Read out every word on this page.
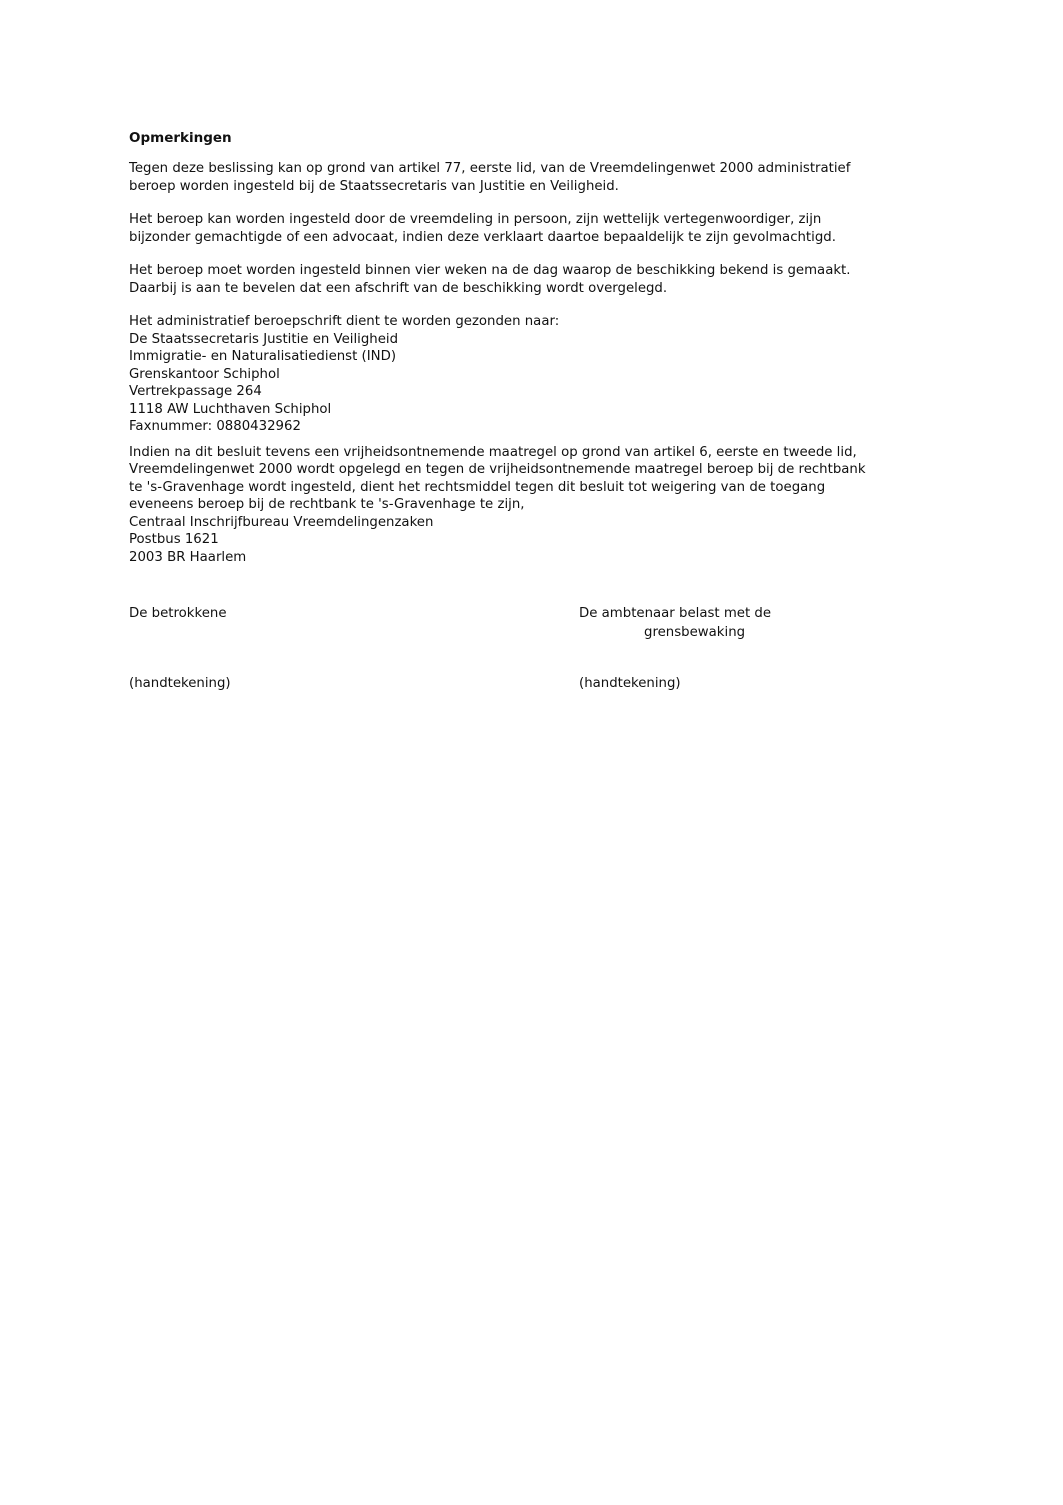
Opmerkingen
Tegen deze beslissing kan op grond van artikel 77, eerste lid, van de Vreemdelingenwet 2000 administratief
beroep worden ingesteld bij de Staatssecretaris van Justitie en Veiligheid.
Het beroep kan worden ingesteld door de vreemdeling in persoon, zijn wettelijk vertegenwoordiger, zijn
bijzonder gemachtigde of een advocaat, indien deze verklaart daartoe bepaaldelijk te zijn gevolmachtigd.
Het beroep moet worden ingesteld binnen vier weken na de dag waarop de beschikking bekend is gemaakt.
Daarbij is aan te bevelen dat een afschrift van de beschikking wordt overgelegd.
Het administratief beroepschrift dient te worden gezonden naar:
De Staatssecretaris Justitie en Veiligheid
Immigratie- en Naturalisatiedienst (IND)
Grenskantoor Schiphol
Vertrekpassage 264
1118 AW Luchthaven Schiphol
Faxnummer: 0880432962
Indien na dit besluit tevens een vrijheidsontnemende maatregel op grond van artikel 6, eerste en tweede lid,
Vreemdelingenwet 2000 wordt opgelegd en tegen de vrijheidsontnemende maatregel beroep bij de rechtbank
te 's-Gravenhage wordt ingesteld, dient het rechtsmiddel tegen dit besluit tot weigering van de toegang
eveneens beroep bij de rechtbank te 's-Gravenhage te zijn,
Centraal Inschrijfbureau Vreemdelingenzaken
Postbus 1621
2003 BR Haarlem
De betrokkene	De ambtenaar belast met de
grensbewaking
(handtekening)	(handtekening)
